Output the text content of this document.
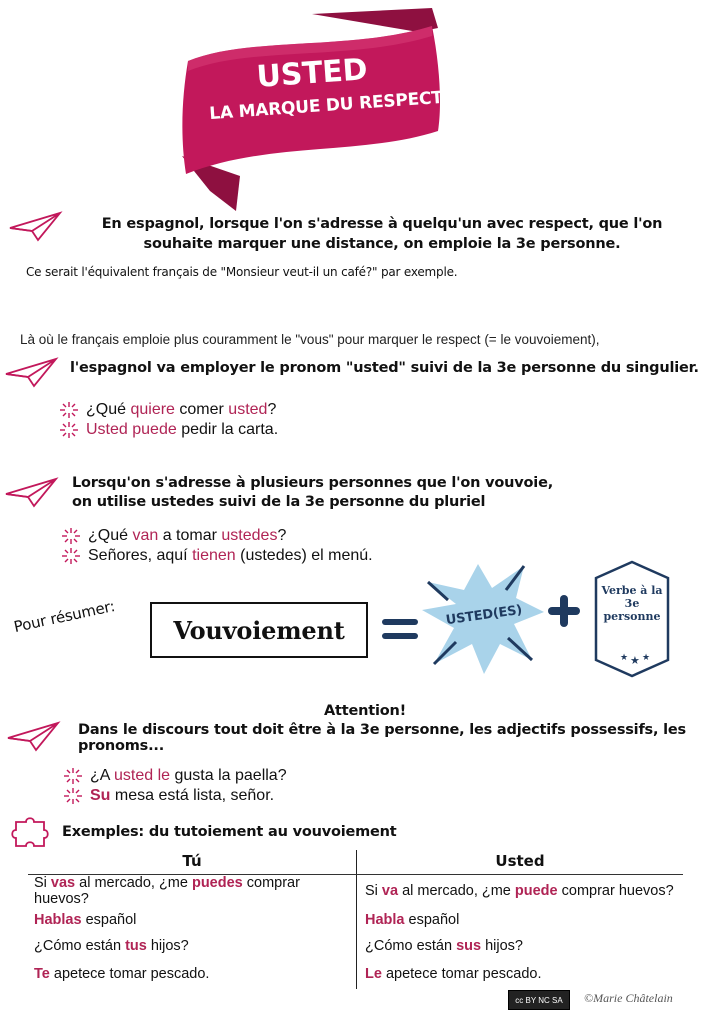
USTED
LA MARQUE DU RESPECT
En espagnol, lorsque l'on s'adresse à quelqu'un avec respect, que l'on souhaite marquer une distance, on emploie la 3e personne.
Ce serait l'équivalent français de "Monsieur veut-il un café?" par exemple.
Là où le français emploie plus couramment le "vous" pour marquer le respect (= le vouvoiement),
l'espagnol va employer le pronom "usted" suivi de la 3e personne du singulier.
¿Qué quiere comer usted?
Usted puede pedir la carta.
Lorsqu'on s'adresse à plusieurs personnes que l'on vouvoie,
on utilise ustedes suivi de la 3e personne du pluriel
¿Qué van a tomar ustedes?
Señores, aquí tienen (ustedes) el menú.
Pour résumer: Vouvoiement	USTED(ES)
★ ★ ★
Verbe à la
3e
personne
Attention!
Dans le discours tout doit être à la 3e personne, les adjectifs possessifs, les pronoms...
¿A usted le gusta la paella?
Su mesa está lista, señor.
Exemples: du tutoiement au vouvoiement
Tú	Usted
Si vas al mercado, ¿me puedes comprar huevos?	Si va al mercado, ¿me puede comprar huevos?
Hablas español	Habla español
¿Cómo están tus hijos?	¿Cómo están sus hijos?
Te apetece tomar pescado.	Le apetece tomar pescado.
cc BY NC SA ©Marie Châtelain
